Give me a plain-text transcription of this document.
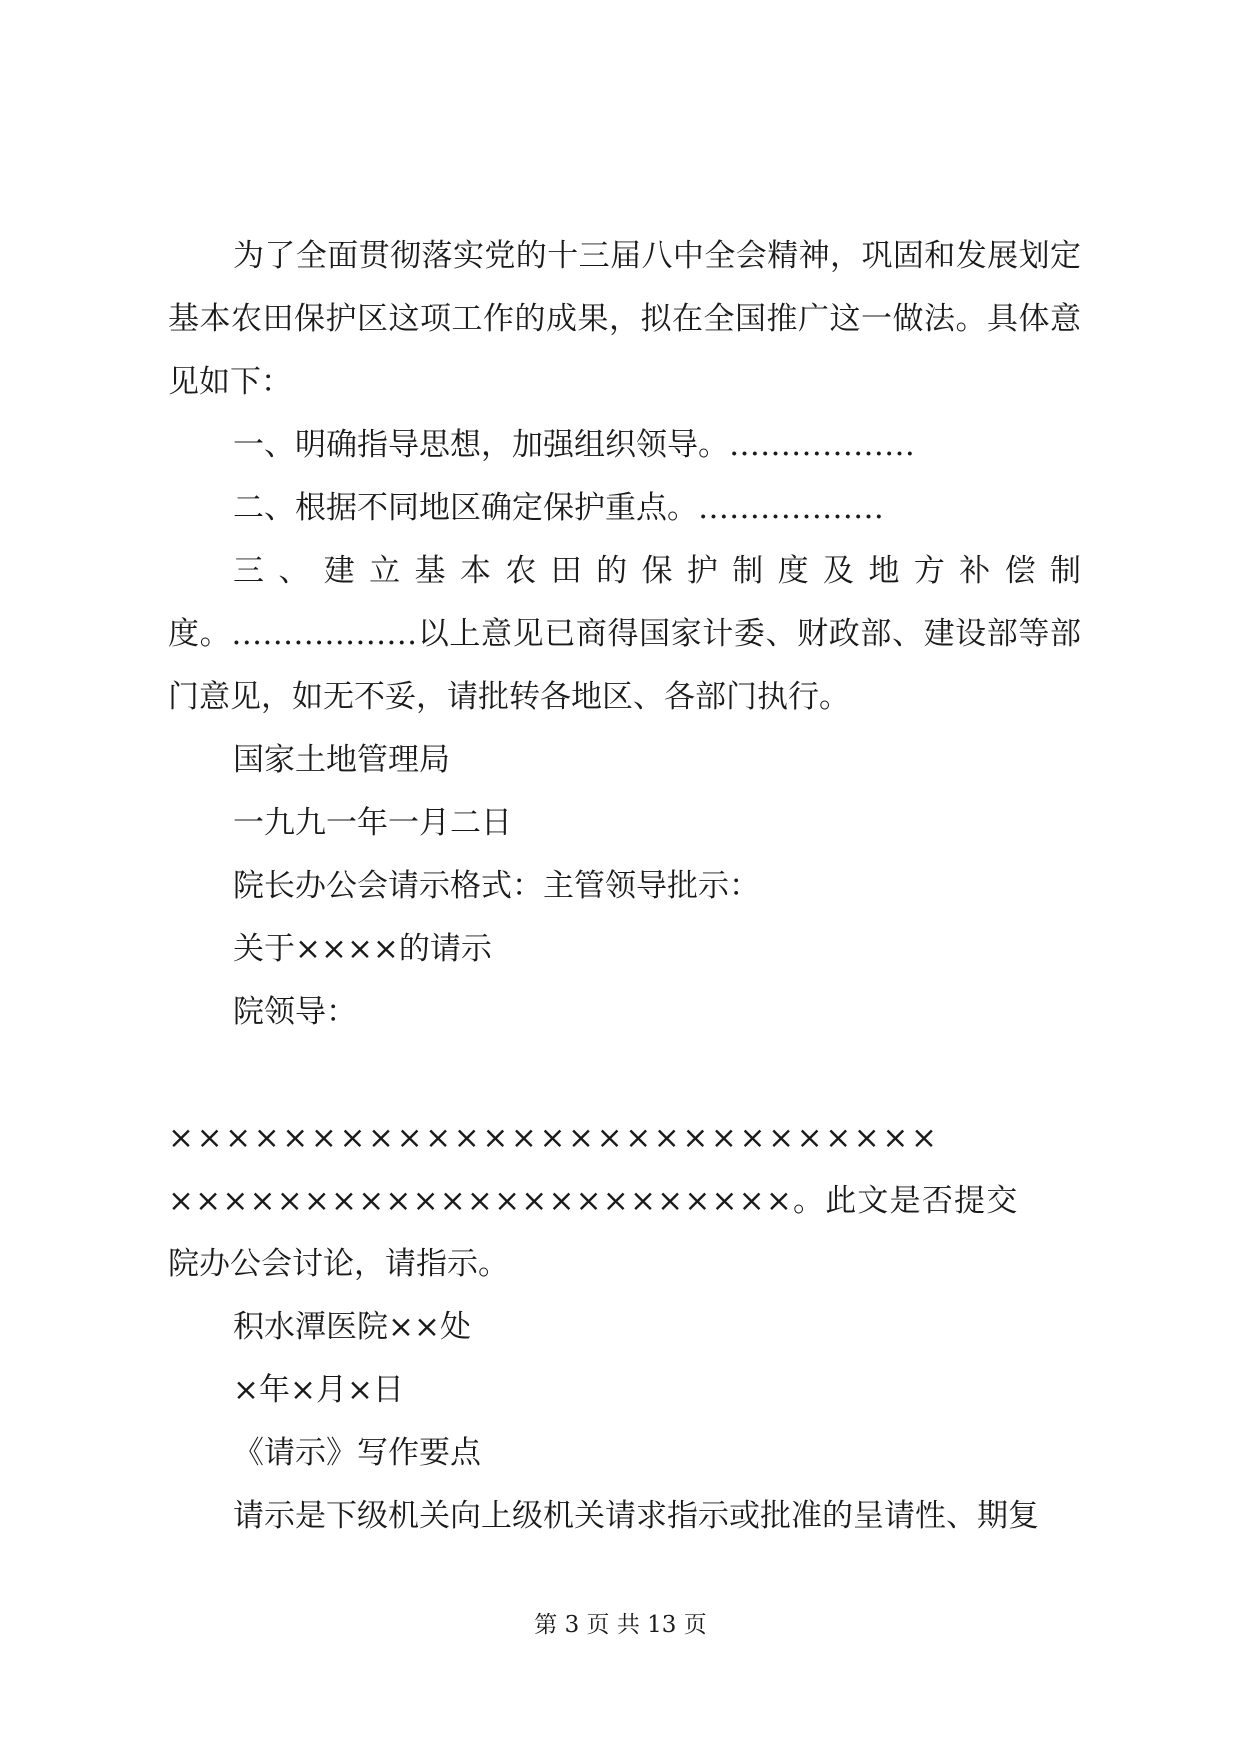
为了全面贯彻落实党的十三届八中全会精神，巩固和发展划定基本农田保护区这项工作的成果，拟在全国推广这一做法。具体意见如下：

一、明确指导思想，加强组织领导。………………

二、根据不同地区确定保护重点。………………

三、建立基本农田的保护制度及地方补偿制

度。………………以上意见已商得国家计委、财政部、建设部等部门意见，如无不妥，请批转各地区、各部门执行。

国家土地管理局

一九九一年一月二日

院长办公会请示格式：主管领导批示：

关于××××的请示

院领导：

×××××××××××××××××××××××××××

×××××××××××××××××××××××。此文是否提交

院办公会讨论，请指示。

积水潭医院××处

×年×月×日

《请示》写作要点

请示是下级机关向上级机关请求指示或批准的呈请性、期复

第 3 页 共 13 页
